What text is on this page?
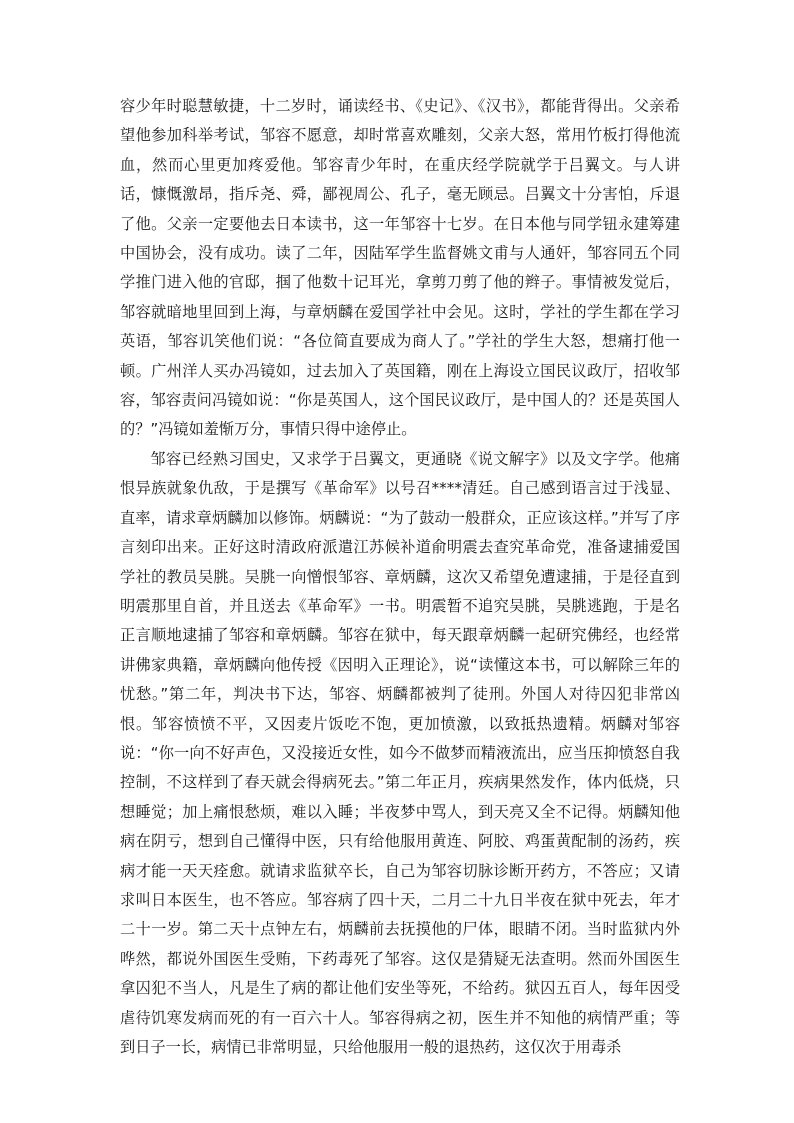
容少年时聪慧敏捷，十二岁时，诵读经书、《史记》、《汉书》，都能背得出。父亲希望他参加科举考试，邹容不愿意，却时常喜欢雕刻，父亲大怒，常用竹板打得他流血，然而心里更加疼爱他。邹容青少年时，在重庆经学院就学于吕翼文。与人讲话，慷慨激昂，指斥尧、舜，鄙视周公、孔子，毫无顾忌。吕翼文十分害怕，斥退了他。父亲一定要他去日本读书，这一年邹容十七岁。在日本他与同学钮永建筹建中国协会，没有成功。读了二年，因陆军学生监督姚文甫与人通奸，邹容同五个同学推门进入他的官邸，掴了他数十记耳光，拿剪刀剪了他的辫子。事情被发觉后，邹容就暗地里回到上海，与章炳麟在爱国学社中会见。这时，学社的学生都在学习英语，邹容讥笑他们说：“各位简直要成为商人了。”学社的学生大怒，想痛打他一顿。广州洋人买办冯镜如，过去加入了英国籍，刚在上海设立国民议政厅，招收邹容，邹容责问冯镜如说：“你是英国人，这个国民议政厅，是中国人的？还是英国人的？”冯镜如羞惭万分，事情只得中途停止。

邹容已经熟习国史，又求学于吕翼文，更通晓《说文解字》以及文字学。他痛恨异族就象仇敌，于是撰写《革命军》以号召****清廷。自己感到语言过于浅显、直率，请求章炳麟加以修饰。炳麟说：“为了鼓动一般群众，正应该这样。”并写了序言刻印出来。正好这时清政府派遣江苏候补道俞明震去查究革命党，准备逮捕爱国学社的教员吴朓。吴朓一向憎恨邹容、章炳麟，这次又希望免遭逮捕，于是径直到明震那里自首，并且送去《革命军》一书。明震暂不追究吴朓，吴朓逃跑，于是名正言顺地逮捕了邹容和章炳麟。邹容在狱中，每天跟章炳麟一起研究佛经，也经常讲佛家典籍，章炳麟向他传授《因明入正理论》，说“读懂这本书，可以解除三年的忧愁。”第二年，判决书下达，邹容、炳麟都被判了徒刑。外国人对待囚犯非常凶恨。邹容愤愤不平，又因麦片饭吃不饱，更加愤激，以致抵热遗精。炳麟对邹容说：“你一向不好声色，又没接近女性，如今不做梦而精液流出，应当压抑愤怒自我控制，不这样到了春天就会得病死去。”第二年正月，疾病果然发作，体内低烧，只想睡觉；加上痛恨愁烦，难以入睡；半夜梦中骂人，到天亮又全不记得。炳麟知他病在阴亏，想到自己懂得中医，只有给他服用黄连、阿胶、鸡蛋黄配制的汤药，疾病才能一天天痊愈。就请求监狱卒长，自己为邹容切脉诊断开药方，不答应；又请求叫日本医生，也不答应。邹容病了四十天，二月二十九日半夜在狱中死去，年才二十一岁。第二天十点钟左右，炳麟前去抚摸他的尸体，眼睛不闭。当时监狱内外哗然，都说外国医生受贿，下药毒死了邹容。这仅是猜疑无法查明。然而外国医生拿囚犯不当人，凡是生了病的都让他们安坐等死，不给药。狱囚五百人，每年因受虐待饥寒发病而死的有一百六十人。邹容得病之初，医生并不知他的病情严重；等到日子一长，病情已非常明显，只给他服用一般的退热药，这仅次于用毒杀
